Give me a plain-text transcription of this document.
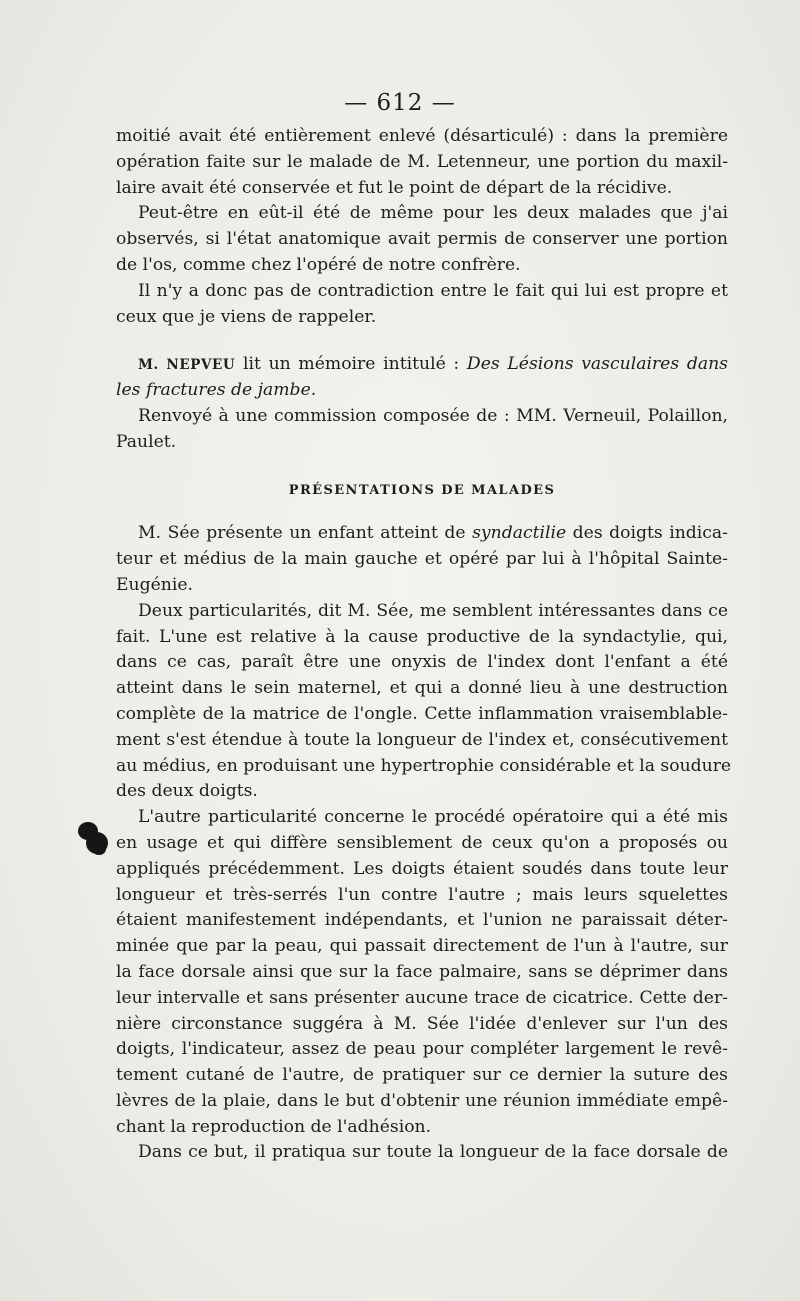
— 612 —
moitié avait été entièrement enlevé (désarticulé) : dans la première
opération faite sur le malade de M. Letenneur, une portion du maxil-
laire avait été conservée et fut le point de départ de la récidive.
Peut-être en eût-il été de même pour les deux malades que j'ai
observés, si l'état anatomique avait permis de conserver une portion
de l'os, comme chez l'opéré de notre confrère.
Il n'y a donc pas de contradiction entre le fait qui lui est propre et
ceux que je viens de rappeler.
M. NEPVEU lit un mémoire intitulé : Des Lésions vasculaires dans
les fractures de jambe.
Renvoyé à une commission composée de : MM. Verneuil, Polaillon,
Paulet.
PRÉSENTATIONS DE MALADES
M. Sée présente un enfant atteint de syndactilie des doigts indica-
teur et médius de la main gauche et opéré par lui à l'hôpital Sainte-
Eugénie.
Deux particularités, dit M. Sée, me semblent intéressantes dans ce
fait. L'une est relative à la cause productive de la syndactylie, qui,
dans ce cas, paraît être une onyxis de l'index dont l'enfant a été
atteint dans le sein maternel, et qui a donné lieu à une destruction
complète de la matrice de l'ongle. Cette inflammation vraisemblable-
ment s'est étendue à toute la longueur de l'index et, consécutivement
au médius, en produisant une hypertrophie considérable et la soudure
des deux doigts.
L'autre particularité concerne le procédé opératoire qui a été mis
en usage et qui diffère sensiblement de ceux qu'on a proposés ou
appliqués précédemment. Les doigts étaient soudés dans toute leur
longueur et très-serrés l'un contre l'autre ; mais leurs squelettes
étaient manifestement indépendants, et l'union ne paraissait déter-
minée que par la peau, qui passait directement de l'un à l'autre, sur
la face dorsale ainsi que sur la face palmaire, sans se déprimer dans
leur intervalle et sans présenter aucune trace de cicatrice. Cette der-
nière circonstance suggéra à M. Sée l'idée d'enlever sur l'un des
doigts, l'indicateur, assez de peau pour compléter largement le revê-
tement cutané de l'autre, de pratiquer sur ce dernier la suture des
lèvres de la plaie, dans le but d'obtenir une réunion immédiate empê-
chant la reproduction de l'adhésion.
Dans ce but, il pratiqua sur toute la longueur de la face dorsale de
